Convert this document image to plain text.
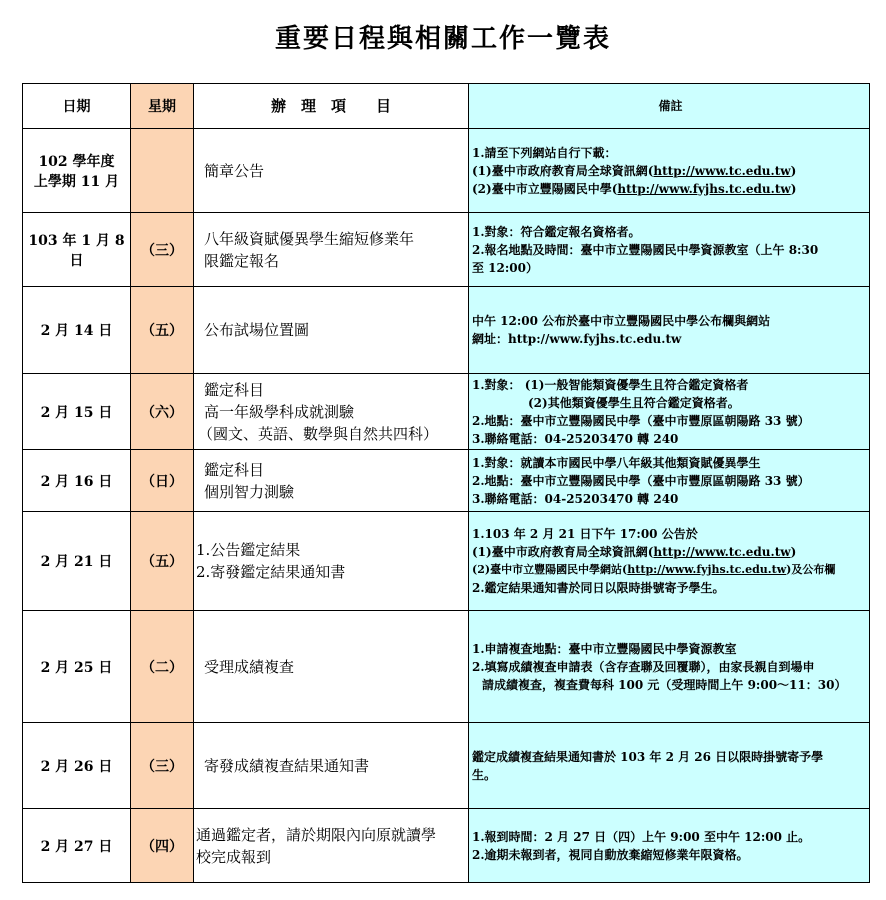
重要日程與相關工作一覽表
日期	星期	辦　理　項　　目	備註

102 學年度
上學期 11 月		簡章公告	1.請至下列網站自行下載：
(1)臺中市政府教育局全球資訊網(http://www.tc.edu.tw)
(2)臺中市立豐陽國民中學(http://www.fyjhs.tc.edu.tw)

103 年 1 月 8 日	（三）	八年級資賦優異學生縮短修業年
限鑑定報名	1.對象：符合鑑定報名資格者。
2.報名地點及時間：臺中市立豐陽國民中學資源教室（上午 8:30
至 12:00）

2 月 14 日	（五）	公布試場位置圖	中午 12:00 公布於臺中市立豐陽國民中學公布欄與網站
網址：http://www.fyjhs.tc.edu.tw

2 月 15 日	（六）	鑑定科目
高一年級學科成就測驗
（國文、英語、數學與自然共四科）	1.對象： (1)一般智能類資優學生且符合鑑定資格者
(2)其他類資優學生且符合鑑定資格者。
2.地點：臺中市立豐陽國民中學（臺中市豐原區朝陽路 33 號）
3.聯絡電話：04-25203470 轉 240

2 月 16 日	（日）	鑑定科目
個別智力測驗	1.對象：就讀本市國民中學八年級其他類資賦優異學生
2.地點：臺中市立豐陽國民中學（臺中市豐原區朝陽路 33 號）
3.聯絡電話：04-25203470 轉 240

2 月 21 日	（五）	1.公告鑑定結果
2.寄發鑑定結果通知書	1.103 年 2 月 21 日下午 17:00 公告於
(1)臺中市政府教育局全球資訊網(http://www.tc.edu.tw)
(2)臺中市立豐陽國民中學網站(http://www.fyjhs.tc.edu.tw)及公布欄
2.鑑定結果通知書於同日以限時掛號寄予學生。

2 月 25 日	（二）	受理成績複查	1.申請複查地點：臺中市立豐陽國民中學資源教室
2.填寫成績複查申請表（含存查聯及回覆聯），由家長親自到場申
請成績複查，複查費每科 100 元（受理時間上午 9:00～11：30）

2 月 26 日	（三）	寄發成績複查結果通知書	鑑定成績複查結果通知書於 103 年 2 月 26 日以限時掛號寄予學
生。

2 月 27 日	（四）	通過鑑定者，請於期限內向原就讀學
校完成報到	1.報到時間：2 月 27 日（四）上午 9:00 至中午 12:00 止。
2.逾期未報到者，視同自動放棄縮短修業年限資格。
